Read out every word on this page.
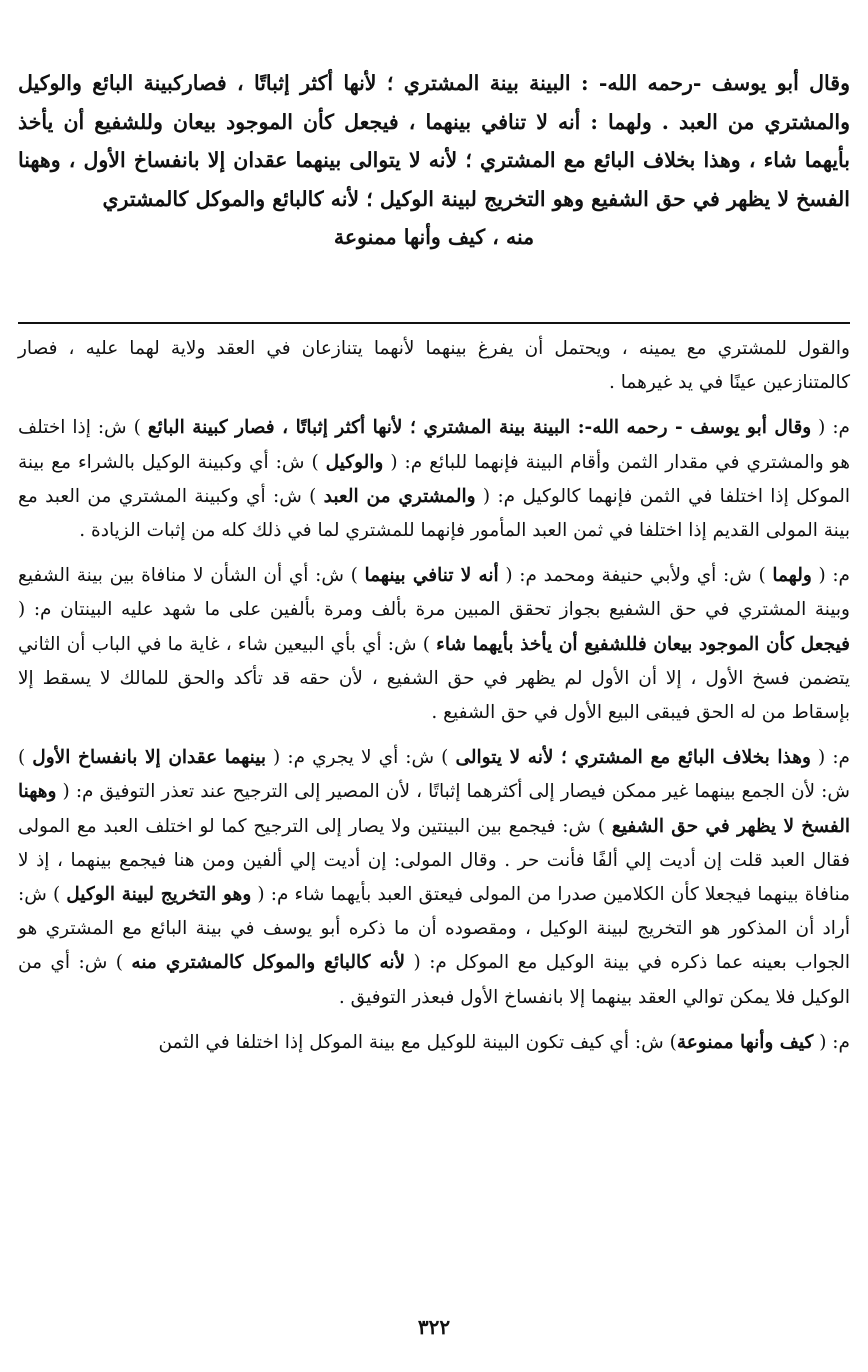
وقال أبو يوسف -رحمه الله- : البينة بينة المشتري ؛ لأنها أكثر إثباتًا ، فصاركبينة البائع والوكيل والمشتري من العبد . ولهما : أنه لا تنافي بينهما ، فيجعل كأن الموجود بيعان وللشفيع أن يأخذ بأيهما شاء ، وهذا بخلاف البائع مع المشتري ؛ لأنه لا يتوالى بينهما عقدان إلا بانفساخ الأول ، وههنا الفسخ لا يظهر في حق الشفيع وهو التخريج لبينة الوكيل ؛ لأنه كالبائع والموكل كالمشتري
منه ، كيف وأنها ممنوعة

والقول للمشتري مع يمينه ، ويحتمل أن يفرغ بينهما لأنهما يتنازعان في العقد ولاية لهما عليه ، فصار كالمتنازعين عينًا في يد غيرهما .

م: ( وقال أبو يوسف - رحمه الله-: البينة بينة المشتري ؛ لأنها أكثر إثباتًا ، فصار كبينة البائع ) ش: إذا اختلف هو والمشتري في مقدار الثمن وأقام البينة فإنهما للبائع م: ( والوكيل ) ش: أي وكبينة الوكيل بالشراء مع بينة الموكل إذا اختلفا في الثمن فإنهما كالوكيل م: ( والمشتري من العبد ) ش: أي وكبينة المشتري من العبد مع بينة المولى القديم إذا اختلفا في ثمن العبد المأمور فإنهما للمشتري لما في ذلك كله من إثبات الزيادة .

م: ( ولهما ) ش: أي ولأبي حنيفة ومحمد م: ( أنه لا تنافي بينهما ) ش: أي أن الشأن لا منافاة بين بينة الشفيع وبينة المشتري في حق الشفيع بجواز تحقق المبين مرة بألف ومرة بألفين على ما شهد عليه البينتان م: ( فيجعل كأن الموجود بيعان فللشفيع أن يأخذ بأيهما شاء ) ش: أي بأي البيعين شاء ، غاية ما في الباب أن الثاني يتضمن فسخ الأول ، إلا أن الأول لم يظهر في حق الشفيع ، لأن حقه قد تأكد والحق للمالك لا يسقط إلا بإسقاط من له الحق فيبقى البيع الأول في حق الشفيع .

م: ( وهذا بخلاف البائع مع المشتري ؛ لأنه لا يتوالى ) ش: أي لا يجري م: ( بينهما عقدان إلا بانفساخ الأول ) ش: لأن الجمع بينهما غير ممكن فيصار إلى أكثرهما إثباتًا ، لأن المصير إلى الترجيح عند تعذر التوفيق م: ( وههنا الفسخ لا يظهر في حق الشفيع ) ش: فيجمع بين البينتين ولا يصار إلى الترجيح كما لو اختلف العبد مع المولى فقال العبد قلت إن أديت إلي ألفًا فأنت حر . وقال المولى: إن أديت إلي ألفين ومن هنا فيجمع بينهما ، إذ لا منافاة بينهما فيجعلا كأن الكلامين صدرا من المولى فيعتق العبد بأيهما شاء م: ( وهو التخريج لبينة الوكيل ) ش: أراد أن المذكور هو التخريج لبينة الوكيل ، ومقصوده أن ما ذكره أبو يوسف في بينة البائع مع المشتري هو الجواب بعينه عما ذكره في بينة الوكيل مع الموكل م: ( لأنه كالبائع والموكل كالمشتري منه ) ش: أي من الوكيل فلا يمكن توالي العقد بينهما إلا بانفساخ الأول فبعذر التوفيق .

م: ( كيف وأنها ممنوعة) ش: أي كيف تكون البينة للوكيل مع بينة الموكل إذا اختلفا في الثمن

٣٢٢
